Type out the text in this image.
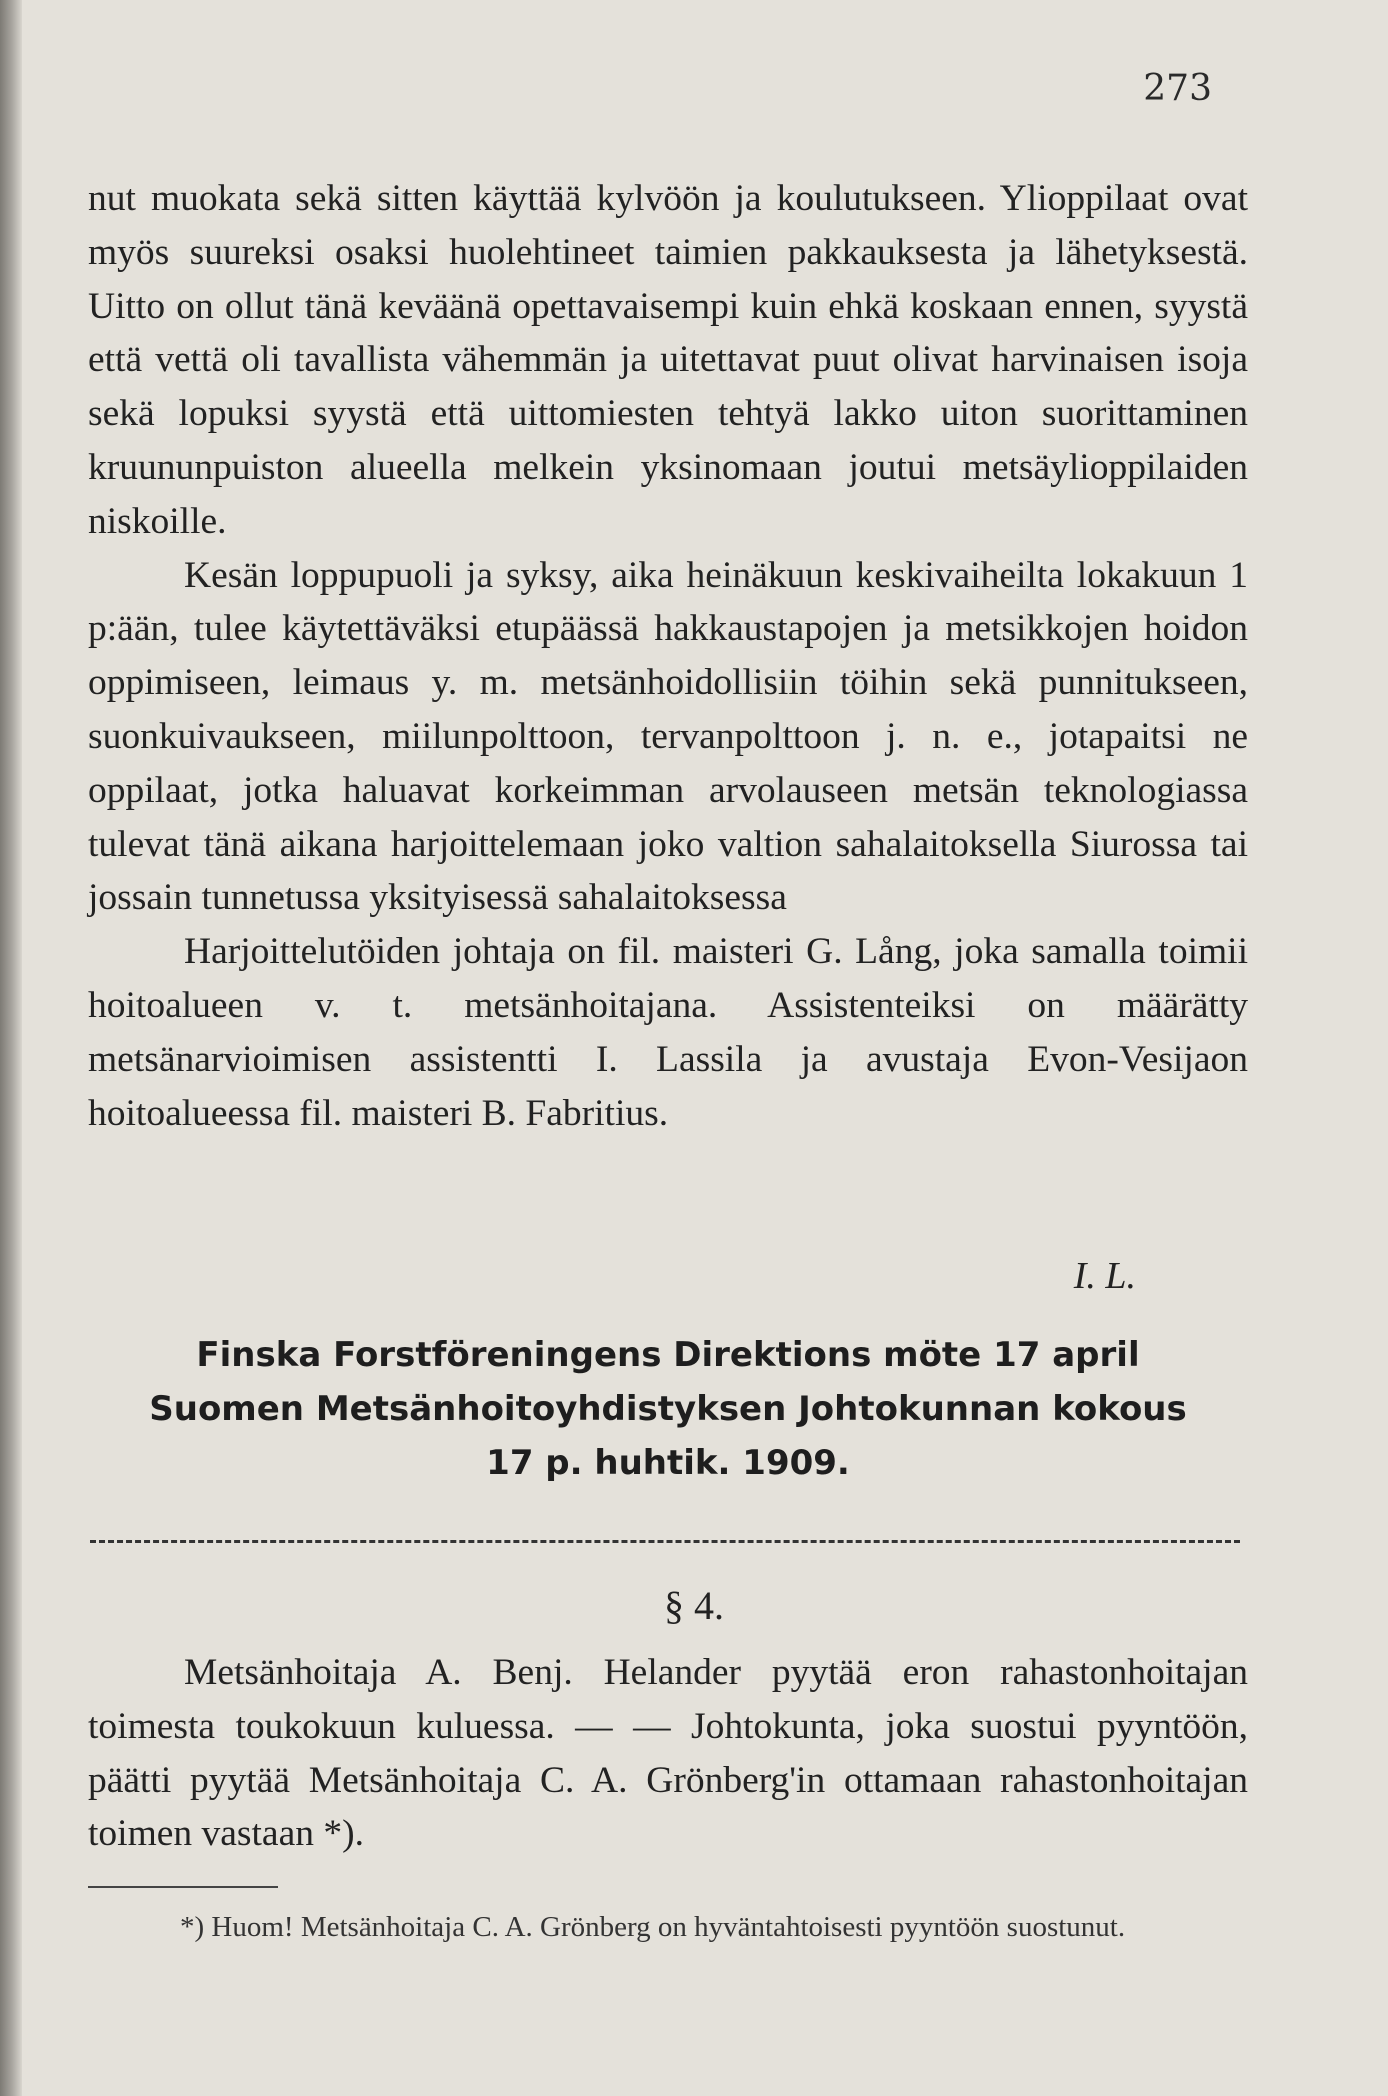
273

nut muokata sekä sitten käyttää kylvöön ja koulutukseen. Ylioppilaat ovat myös suureksi osaksi huolehtineet taimien pakkauksesta ja lähetyksestä. Uitto on ollut tänä keväänä opettavaisempi kuin ehkä koskaan ennen, syystä että vettä oli tavallista vähemmän ja uitettavat puut olivat harvinaisen isoja sekä lopuksi syystä että uittomiesten tehtyä lakko uiton suorittaminen kruununpuiston alueella melkein yksinomaan joutui metsäylioppilaiden niskoille.

Kesän loppupuoli ja syksy, aika heinäkuun keskivaiheilta lokakuun 1 p:ään, tulee käytettäväksi etupäässä hakkaustapojen ja metsikkojen hoidon oppimiseen, leimaus y. m. metsänhoidollisiin töihin sekä punnitukseen, suonkuivaukseen, miilunpolttoon, tervanpolttoon j. n. e., jotapaitsi ne oppilaat, jotka haluavat korkeimman arvolauseen metsän teknologiassa tulevat tänä aikana harjoittelemaan joko valtion sahalaitoksella Siurossa tai jossain tunnetussa yksityisessä sahalaitoksessa

Harjoittelutöiden johtaja on fil. maisteri G. Lång, joka samalla toimii hoitoalueen v. t. metsänhoitajana. Assistenteiksi on määrätty metsänarvioimisen assistentti I. Lassila ja avustaja Evon-Vesijaon hoitoalueessa fil. maisteri B. Fabritius.

I. L.
Finska Forstföreningens Direktions möte 17 april
Suomen Metsänhoitoyhdistyksen Johtokunnan kokous
17 p. huhtik. 1909.
§ 4.

Metsänhoitaja A. Benj. Helander pyytää eron rahastonhoitajan toimesta toukokuun kuluessa. — — Johtokunta, joka suostui pyyntöön, päätti pyytää Metsänhoitaja C. A. Grönberg'in ottamaan rahastonhoitajan toimen vastaan *).

*) Huom! Metsänhoitaja C. A. Grönberg on hyväntahtoisesti pyyntöön suostunut.
